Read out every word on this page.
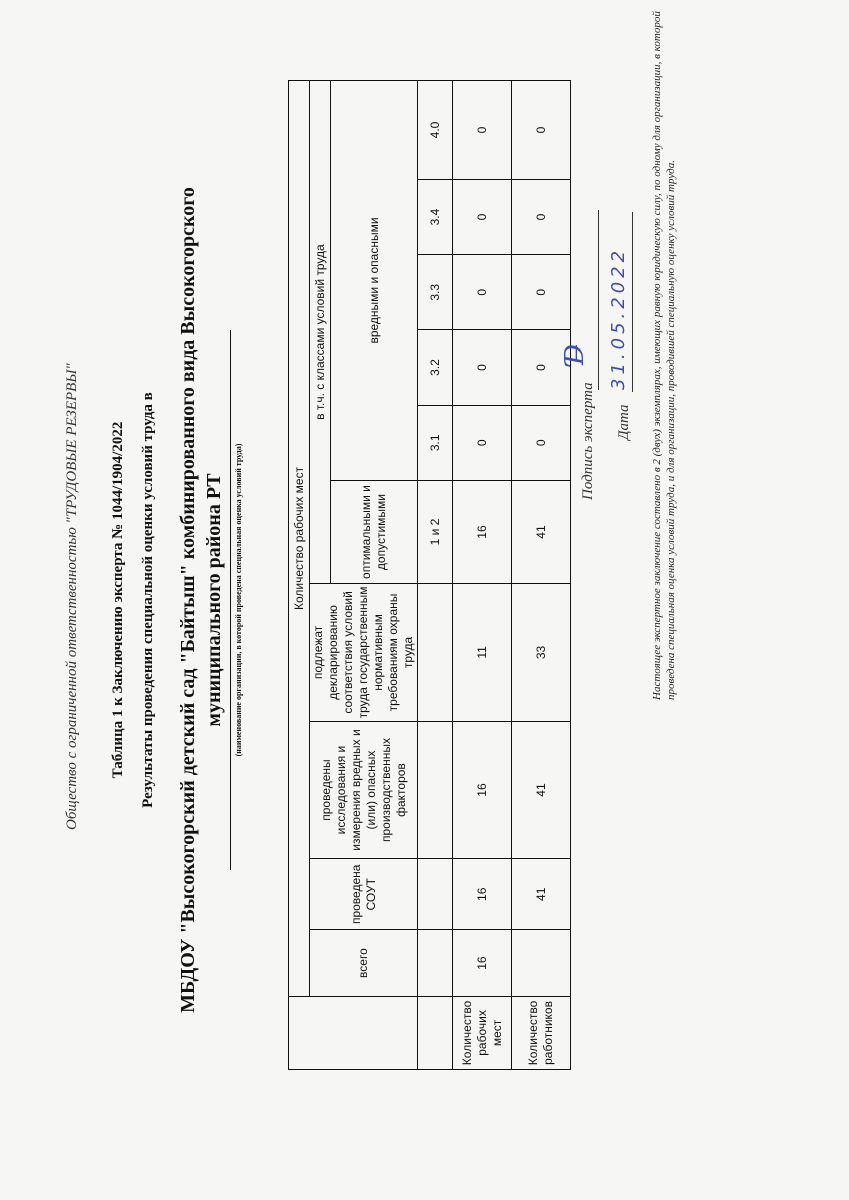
Общество с ограниченной ответственностью "ТРУДОВЫЕ РЕЗЕРВЫ" Таблица 1 к Заключению эксперта № 1044/1904/2022 Результаты проведения специальной оценки условий труда в МБДОУ "Высокогорский детский сад "Байтыш" комбинированного вида Высокогорского муниципального района РТ (наименование организации, в которой проведена специальная оценка условий труда)
		Количество рабочих мест									
	всего	проведена СОУТ	проведены исследования и измерения вредных и (или) опасных производственных факторов	подлежат декларированию соответствия условий труда государственным нормативным требованиям охраны труда	в т.ч. с классами условий труда					
					оптимальными и допустимыми	вредными и опасными				

					1 и 2	3.1	3.2	3.3	3.4	4.0
Количество рабочих мест	16	16	16	11	16	0	0	0	0	0
Количество работников		41	41	33	41	0	0	0	0	0
Подпись эксперта
Ɗ̶
Дата
31.05.2022 Настоящее экспертное заключение составлено в 2 (двух) экземплярах, имеющих равную юридическую силу, по одному для организации, в которой проведена специальная оценка условий труда, и для организации, проводившей специальную оценку условий труда.
